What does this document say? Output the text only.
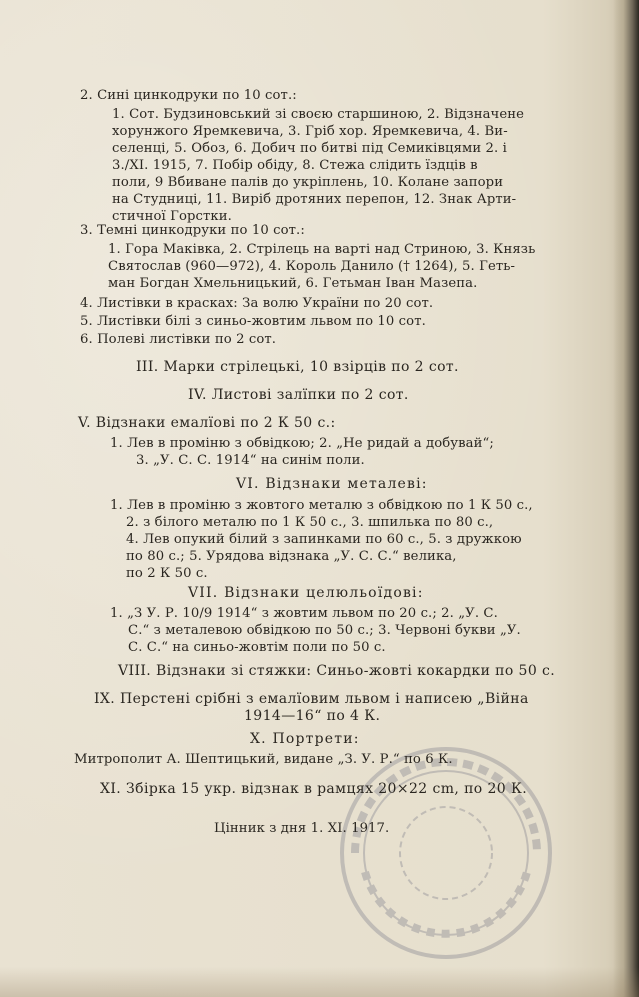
2. Сині цинкодруки по 10 сот.:
1. Сот. Будзиновський зі своєю старшиною, 2. Відзначене
хорунжого Яремкевича, 3. Гріб хор. Яремкевича, 4. Ви-
селенці, 5. Обоз, 6. Добич по битві під Семиківцями 2. і
3./XI. 1915, 7. Побір обіду, 8. Стежа слідить їздців в
поли, 9 Вбиване палів до укріплень, 10. Колане запори
на Студниці, 11. Виріб дротяних перепон, 12. Знак Арти-
стичної Горстки.
3. Темні цинкодруки по 10 сот.:
1. Гора Маківка, 2. Стрілець на варті над Стриною, 3. Князь
Святослав (960—972), 4. Король Данило († 1264), 5. Геть-
ман Богдан Хмельницький, 6. Гетьман Іван Мазепа.
4. Листівки в красках: За волю України по 20 сот.
5. Листівки білі з синьо-жовтим львом по 10 сот.
6. Полеві листівки по 2 сот.
III. Марки стрілецькі, 10 взірців по 2 сот.
IV. Листові залїпки по 2 сот.
V. Відзнаки емалїові по 2 К 50 с.:
1. Лев в проміню з обвідкою; 2. „Не ридай а добувай“;
3. „У. С. С. 1914“ на синім поли.
VI. Відзнаки металеві:
1. Лев в проміню з жовтого металю з обвідкою по 1 К 50 с.,
2. з білого металю по 1 К 50 с., 3. шпилька по 80 с.,
4. Лев опукий білий з запинками по 60 с., 5. з дружкою
по 80 с.; 5. Урядова відзнака „У. С. С.“ велика,
по 2 К 50 с.
VII. Відзнаки целюльоїдові:
1. „З У. Р. 10/9 1914“ з жовтим львом по 20 с.; 2. „У. С.
С.“ з металевою обвідкою по 50 с.; 3. Червоні букви „У.
С. С.“ на синьо-жовтім поли по 50 с.
VIII. Відзнаки зі стяжки: Синьо-жовті кокардки по 50 с.
IX. Перстені срібні з емалїовим львом і написею „Війна
1914—16“ по 4 К.
X. Портрети:
Митрополит А. Шептицький, видане „З. У. Р.“ по 6 К.
XI. Збірка 15 укр. відзнак в рамцях 20×22 cm, по 20 К.
Цінник з дня 1. XI. 1917.
